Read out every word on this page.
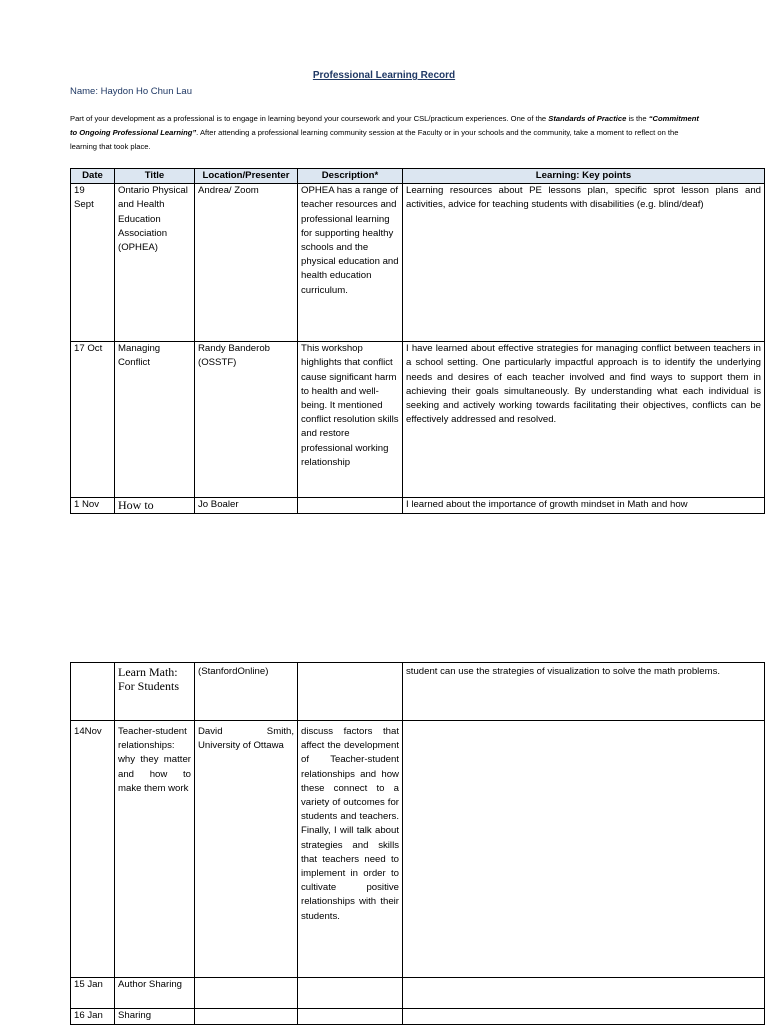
Professional Learning Record
Name: Haydon Ho Chun Lau
Part of your development as a professional is to engage in learning beyond your coursework and your CSL/practicum experiences. One of the Standards of Practice is the “Commitment to Ongoing Professional Learning”. After attending a professional learning community session at the Faculty or in your schools and the community, take a moment to reflect on the learning that took place.
Date	Title	Location/Presenter	Description*	Learning: Key points
19 Sept	Ontario Physical and Health Education Association (OPHEA)	Andrea/ Zoom	OPHEA has a range of teacher resources and professional learning for supporting healthy schools and the physical education and health education curriculum.	Learning resources about PE lessons plan, specific sprot lesson plans and activities, advice for teaching students with disabilities (e.g. blind/deaf)
17 Oct	Managing Conflict	Randy Banderob (OSSTF)	This workshop highlights that conflict cause significant harm to health and well-being. It mentioned conflict resolution skills and restore professional working relationship	I have learned about effective strategies for managing conflict between teachers in a school setting. One particularly impactful approach is to identify the underlying needs and desires of each teacher involved and find ways to support them in achieving their goals simultaneously. By understanding what each individual is seeking and actively working towards facilitating their objectives, conflicts can be effectively addressed and resolved.
1 Nov	How to	Jo Boaler		I learned about the importance of growth mindset in Math and how
	Learn Math: For Students	(StanfordOnline)		student can use the strategies of visualization to solve the math problems.
14Nov	Teacher-student relationships: why they matter and how to make them work	David Smith, University of Ottawa	discuss factors that affect the development of Teacher-student relationships and how these connect to a variety of outcomes for students and teachers. Finally, I will talk about strategies and skills that teachers need to implement in order to cultivate positive relationships with their students.	
15 Jan	Author Sharing			
16 Jan	Sharing			
